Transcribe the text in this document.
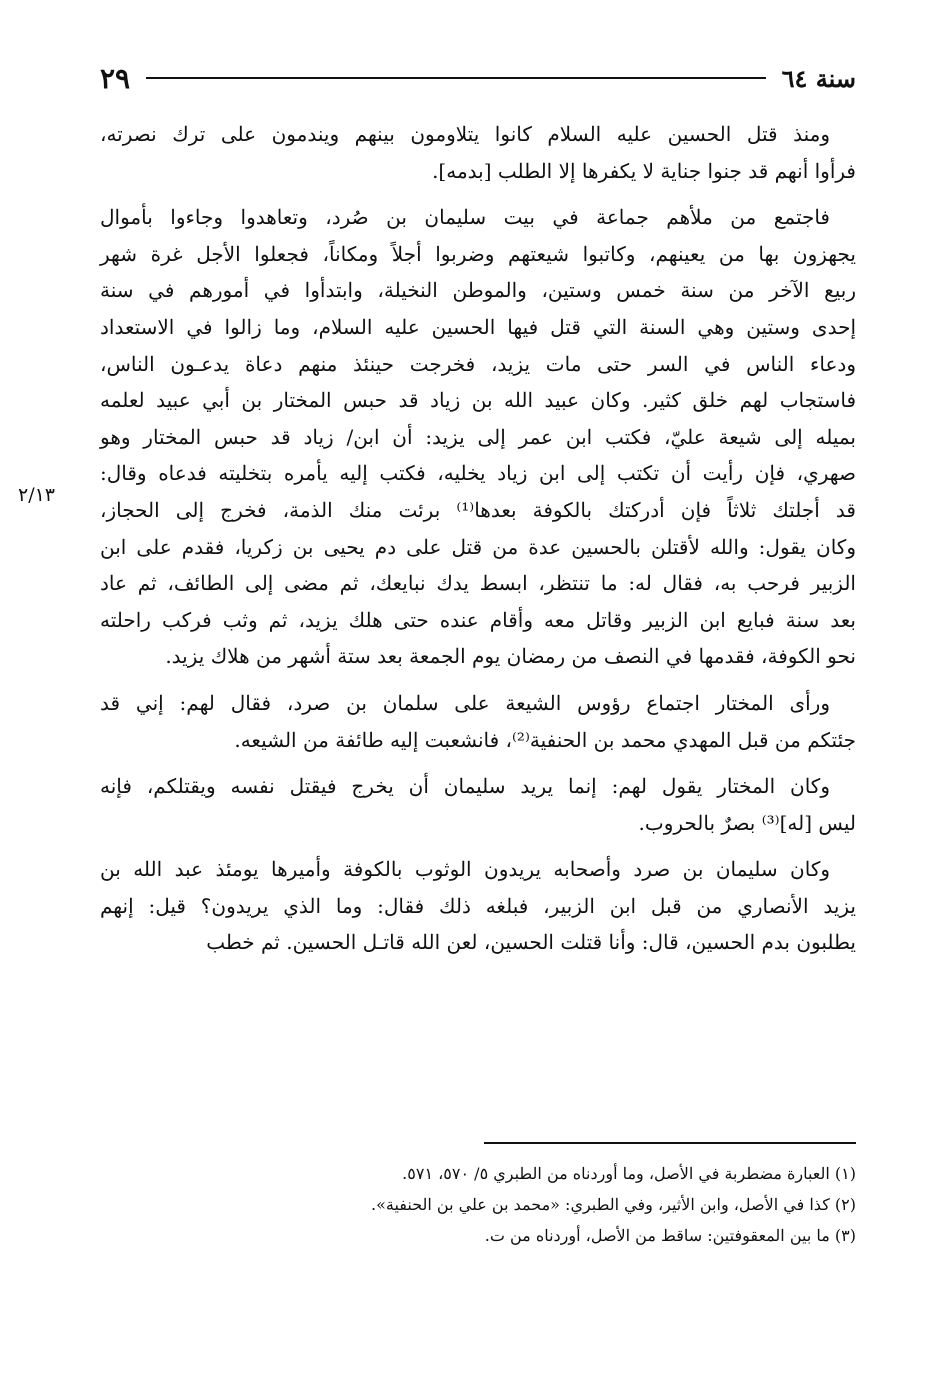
سنة ٦٤
٢٩
٢/١٣
ومنذ قتل الحسين عليه السلام كانوا يتلاومون بينهم ويندمون على ترك نصرته،
فرأوا أنهم قد جنوا جناية لا يكفرها إلا الطلب [بدمه].
فاجتمع من ملأهم جماعة في بيت سليمان بن صُرد، وتعاهدوا وجاءوا بأموال
يجهزون بها من يعينهم، وكاتبوا شيعتهم وضربوا أجلاً ومكاناً، فجعلوا الأجل غرة شهر
ربيع الآخر من سنة خمس وستين، والموطن النخيلة، وابتدأوا في أمورهم في سنة
إحدى وستين وهي السنة التي قتل فيها الحسين عليه السلام، وما زالوا في الاستعداد
ودعاء الناس في السر حتى مات يزيد، فخرجت حينئذ منهم دعاة يدعـون الناس،
فاستجاب لهم خلق كثير. وكان عبيد الله بن زياد قد حبس المختار بن أبي عبيد لعلمه
بميله إلى شيعة عليّ، فكتب ابن عمر إلى يزيد: أن ابن/ زياد قد حبس المختار وهو
صهري، فإن رأيت أن تكتب إلى ابن زياد يخليه، فكتب إليه يأمره بتخليته فدعاه وقال:
قد أجلتك ثلاثاً فإن أدركتك بالكوفة بعدها⁽¹⁾ برئت منك الذمة، فخرج إلى الحجاز،
وكان يقول: والله لأقتلن بالحسين عدة من قتل على دم يحيى بن زكريا، فقدم على ابن
الزبير فرحب به، فقال له: ما تنتظر، ابسط يدك نبايعك، ثم مضى إلى الطائف، ثم عاد
بعد سنة فبايع ابن الزبير وقاتل معه وأقام عنده حتى هلك يزيد، ثم وثب فركب راحلته
نحو الكوفة، فقدمها في النصف من رمضان يوم الجمعة بعد ستة أشهر من هلاك يزيد.
ورأى المختار اجتماع رؤوس الشيعة على سلمان بن صرد، فقال لهم: إني قد
جئتكم من قبل المهدي محمد بن الحنفية⁽²⁾، فانشعبت إليه طائفة من الشيعه.
وكان المختار يقول لهم: إنما يريد سليمان أن يخرج فيقتل نفسه ويقتلكم، فإنه
ليس [له]⁽³⁾ بصرٌ بالحروب.
وكان سليمان بن صرد وأصحابه يريدون الوثوب بالكوفة وأميرها يومئذ عبد الله بن
يزيد الأنصاري من قبل ابن الزبير، فبلغه ذلك فقال: وما الذي يريدون؟ قيل: إنهم
يطلبون بدم الحسين، قال: وأنا قتلت الحسين، لعن الله قاتـل الحسين. ثم خطب
(١) العبارة مضطربة في الأصل، وما أوردناه من الطبري ٥/ ٥٧٠، ٥٧١.
(٢) كذا في الأصل، وابن الأثير، وفي الطبري: «محمد بن علي بن الحنفية».
(٣) ما بين المعقوفتين: ساقط من الأصل، أوردناه من ت.
